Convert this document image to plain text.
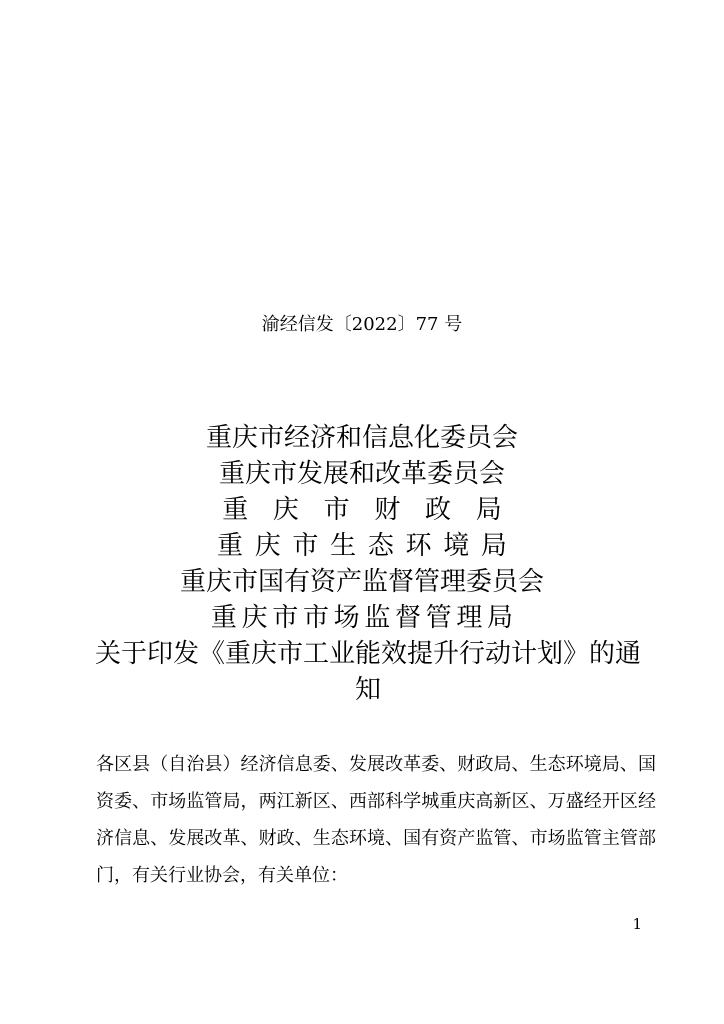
渝经信发〔2022〕77 号
重庆市经济和信息化委员会
重庆市发展和改革委员会
重庆市财政局
重庆市生态环境局
重庆市国有资产监督管理委员会
重庆市市场监督管理局
关于印发《重庆市工业能效提升行动计划》的通知
各区县（自治县）经济信息委、发展改革委、财政局、生态环境局、国资委、市场监管局，两江新区、西部科学城重庆高新区、万盛经开区经济信息、发展改革、财政、生态环境、国有资产监管、市场监管主管部门，有关行业协会，有关单位：
1
